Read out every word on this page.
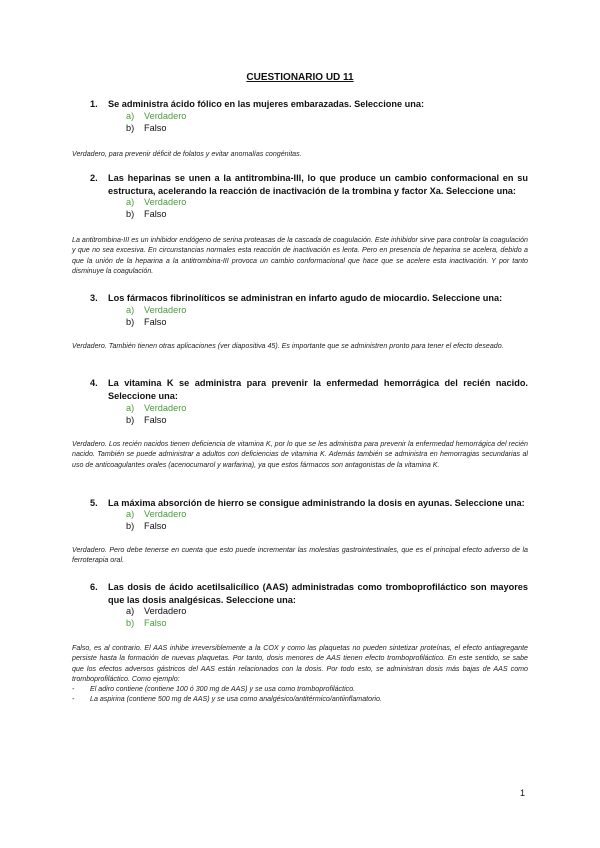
CUESTIONARIO UD 11
1.	Se administra ácido fólico en las mujeres embarazadas. Seleccione una:
a)	Verdadero
b)	Falso
Verdadero, para prevenir déficit de folatos y evitar anomalías congénitas.
2.	Las heparinas se unen a la antitrombina-III, lo que produce un cambio conformacional en su estructura, acelerando la reacción de inactivación de la trombina y factor Xa. Seleccione una:
a)	Verdadero
b)	Falso
La antitrombina-III es un inhibidor endógeno de serina proteasas de la cascada de coagulación. Este inhibidor sirve para controlar la coagulación y que no sea excesiva. En circunstancias normales esta reacción de inactivación es lenta. Pero en presencia de heparina se acelera, debido a que la unión de la heparina a la antitrombina-III provoca un cambio conformacional que hace que se acelere esta inactivación. Y por tanto disminuye la coagulación.
3.	Los fármacos fibrinolíticos se administran en infarto agudo de miocardio. Seleccione una:
a)	Verdadero
b)	Falso
Verdadero. También tienen otras aplicaciones (ver diapositiva 45). Es importante que se administren pronto para tener el efecto deseado.
4.	La vitamina K se administra para prevenir la enfermedad hemorrágica del recién nacido. Seleccione una:
a)	Verdadero
b)	Falso
Verdadero. Los recién nacidos tienen deficiencia de vitamina K, por lo que se les administra para prevenir la enfermedad hemorrágica del recién nacido. También se puede administrar a adultos con deficiencias de vitamina K. Además también se administra en hemorragias secundarias al uso de anticoagulantes orales (acenocumarol y warfarina), ya que estos fármacos son antagonistas de la vitamina K.
5.	La máxima absorción de hierro se consigue administrando la dosis en ayunas. Seleccione una:
a)	Verdadero
b)	Falso
Verdadero. Pero debe tenerse en cuenta que esto puede incrementar las molestias gastrointestinales, que es el principal efecto adverso de la ferroterapia oral.
6.	Las dosis de ácido acetilsalicílico (AAS) administradas como tromboprofiláctico son mayores que las dosis analgésicas. Seleccione una:
a)	Verdadero
b)	Falso
Falso, es al contrario. El AAS inhibe irreversiblemente a la COX y como las plaquetas no pueden sintetizar proteínas, el efecto antiagregante persiste hasta la formación de nuevas plaquetas. Por tanto, dosis menores de AAS tienen efecto tromboprofiláctico. En este sentido, se sabe que los efectos adversos gástricos del AAS están relacionados con la dosis. Por todo esto, se administran dosis más bajas de AAS como tromboprofiláctico. Como ejemplo:
- El adiro contiene (contiene 100 ó 300 mg de AAS) y se usa como tromboprofiláctico.
- La aspirina (contiene 500 mg de AAS) y se usa como analgésico/antitérmico/antiinflamatorio.
1
